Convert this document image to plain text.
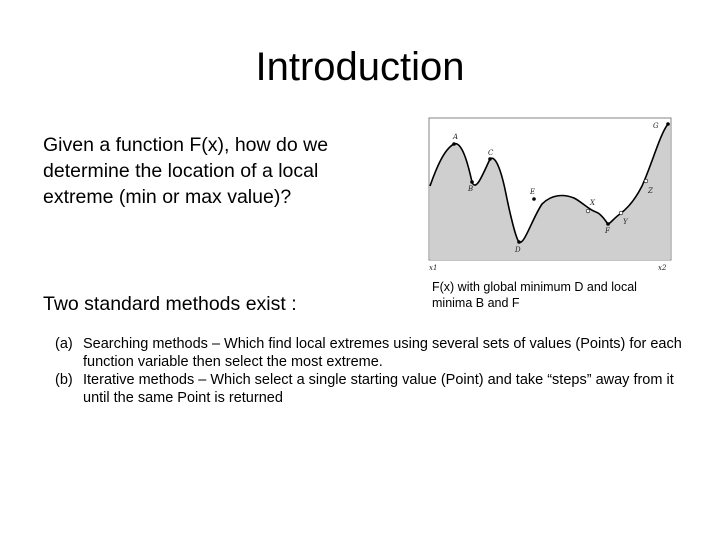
Introduction
Given a function F(x), how do we determine the location of a local extreme (min or max value)?
Two standard methods exist :
A
B
C
E
X
D
F
Y
Z
G
x1	x2
F(x) with global minimum D and local minima B and F
(a) Searching methods – Which find local extremes using several sets of values (Points) for each function variable then select the most extreme.
(b) Iterative methods – Which select a single starting value (Point) and take “steps” away from it until the same Point is returned
